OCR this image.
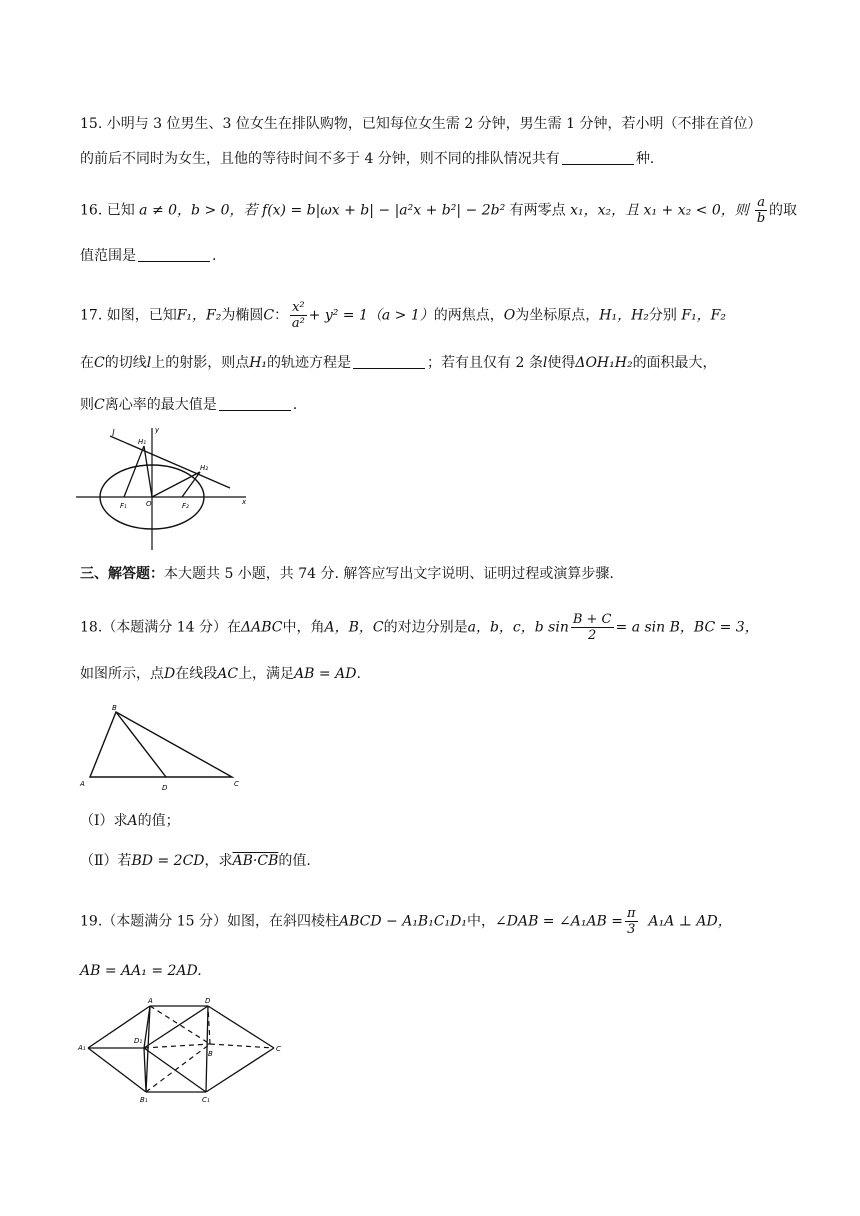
15. 小明与 3 位男生、3 位女生在排队购物，已知每位女生需 2 分钟，男生需 1 分钟，若小明（不排在首位）
的前后不同时为女生，且他的等待时间不多于 4 分钟，则不同的排队情况共有	种.
16. 已知 a ≠ 0，b > 0，若 f(x) = b|ωx + b| − |a²x + b²| − 2b² 有两零点 x₁，x₂，且 x₁ + x₂ < 0，则 $\frac{a}{b}$ 的取
值范围是	.
17. 如图，已知F₁，F₂为椭圆C： $\frac{\text{x²}}{\text{a²}} + y^2 = 1(a > 1)$的两焦点，O为坐标原点，H₁，H₂分别 F₁，F₂
在C的切线l上的射影，则点H₁的轨迹方程是	；若有且仅有 2 条l使得ΔOH₁H₂的面积最大，
则C离心率的最大值是	.
l
H₁
H₂
F₁	F₂
O	x
y
三、解答题：本大题共 5 小题，共 74 分. 解答应写出文字说明、证明过程或演算步骤.
18.（本题满分 14 分）在ΔABC中，角A，B，C的对边分别是a，b，c，b $\sin \frac{B + C}{2} = a$ sin B，BC = 3，
如图所示，点D在线段AC上，满足AB = AD.
B
A	D	C
（Ⅰ）求A的值；
（Ⅱ）若BD = 2CD，求AB·CB的值.
19.（本题满分 15 分）如图，在斜四棱柱ABCD − A₁B₁C₁D₁中，∠DAB = ∠A₁AB = $\frac{\pi}{3} A_1A$ ⊥ AD，
AB = AA₁ = 2AD.
A	D
A₁
D₁
B
C
B₁	C₁
